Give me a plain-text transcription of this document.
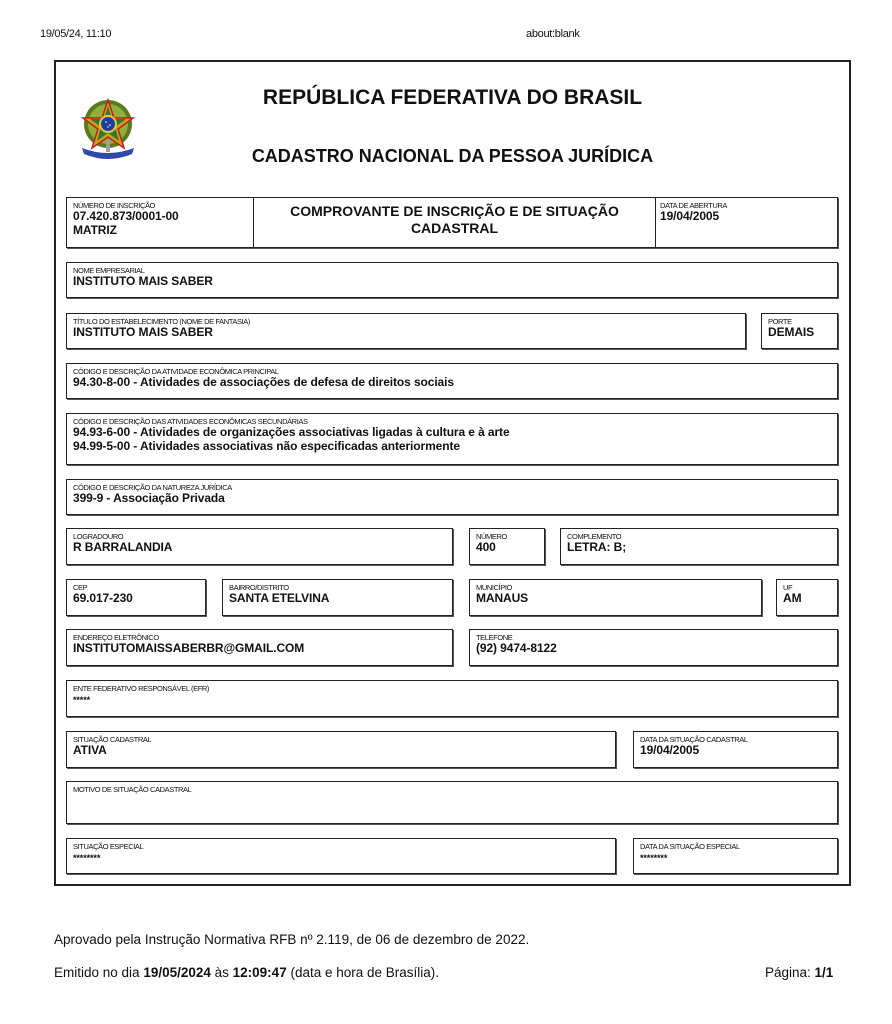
19/05/24, 11:10	about:blank
REPÚBLICA FEDERATIVA DO BRASIL
CADASTRO NACIONAL DA PESSOA JURÍDICA
NÚMERO DE INSCRIÇÃO
07.420.873/0001-00
MATRIZ
COMPROVANTE DE INSCRIÇÃO E DE SITUAÇÃO CADASTRAL
DATA DE ABERTURA
19/04/2005
NOME EMPRESARIAL
INSTITUTO MAIS SABER
TÍTULO DO ESTABELECIMENTO (NOME DE FANTASIA)
INSTITUTO MAIS SABER
PORTE
DEMAIS
CÓDIGO E DESCRIÇÃO DA ATIVIDADE ECONÔMICA PRINCIPAL
94.30-8-00 - Atividades de associações de defesa de direitos sociais
CÓDIGO E DESCRIÇÃO DAS ATIVIDADES ECONÔMICAS SECUNDÁRIAS
94.93-6-00 - Atividades de organizações associativas ligadas à cultura e à arte
94.99-5-00 - Atividades associativas não especificadas anteriormente
CÓDIGO E DESCRIÇÃO DA NATUREZA JURÍDICA
399-9 - Associação Privada
LOGRADOURO
R BARRALANDIA
NÚMERO
400
COMPLEMENTO
LETRA: B;
CEP
69.017-230
BAIRRO/DISTRITO
SANTA ETELVINA
MUNICÍPIO
MANAUS
UF
AM
ENDEREÇO ELETRÔNICO
INSTITUTOMAISSABERBR@GMAIL.COM
TELEFONE
(92) 9474-8122
ENTE FEDERATIVO RESPONSÁVEL (EFR)
*****
SITUAÇÃO CADASTRAL
ATIVA
DATA DA SITUAÇÃO CADASTRAL
19/04/2005
MOTIVO DE SITUAÇÃO CADASTRAL
SITUAÇÃO ESPECIAL
********
DATA DA SITUAÇÃO ESPECIAL
********
Aprovado pela Instrução Normativa RFB nº 2.119, de 06 de dezembro de 2022.
Emitido no dia 19/05/2024 às 12:09:47 (data e hora de Brasília).	Página: 1/1
